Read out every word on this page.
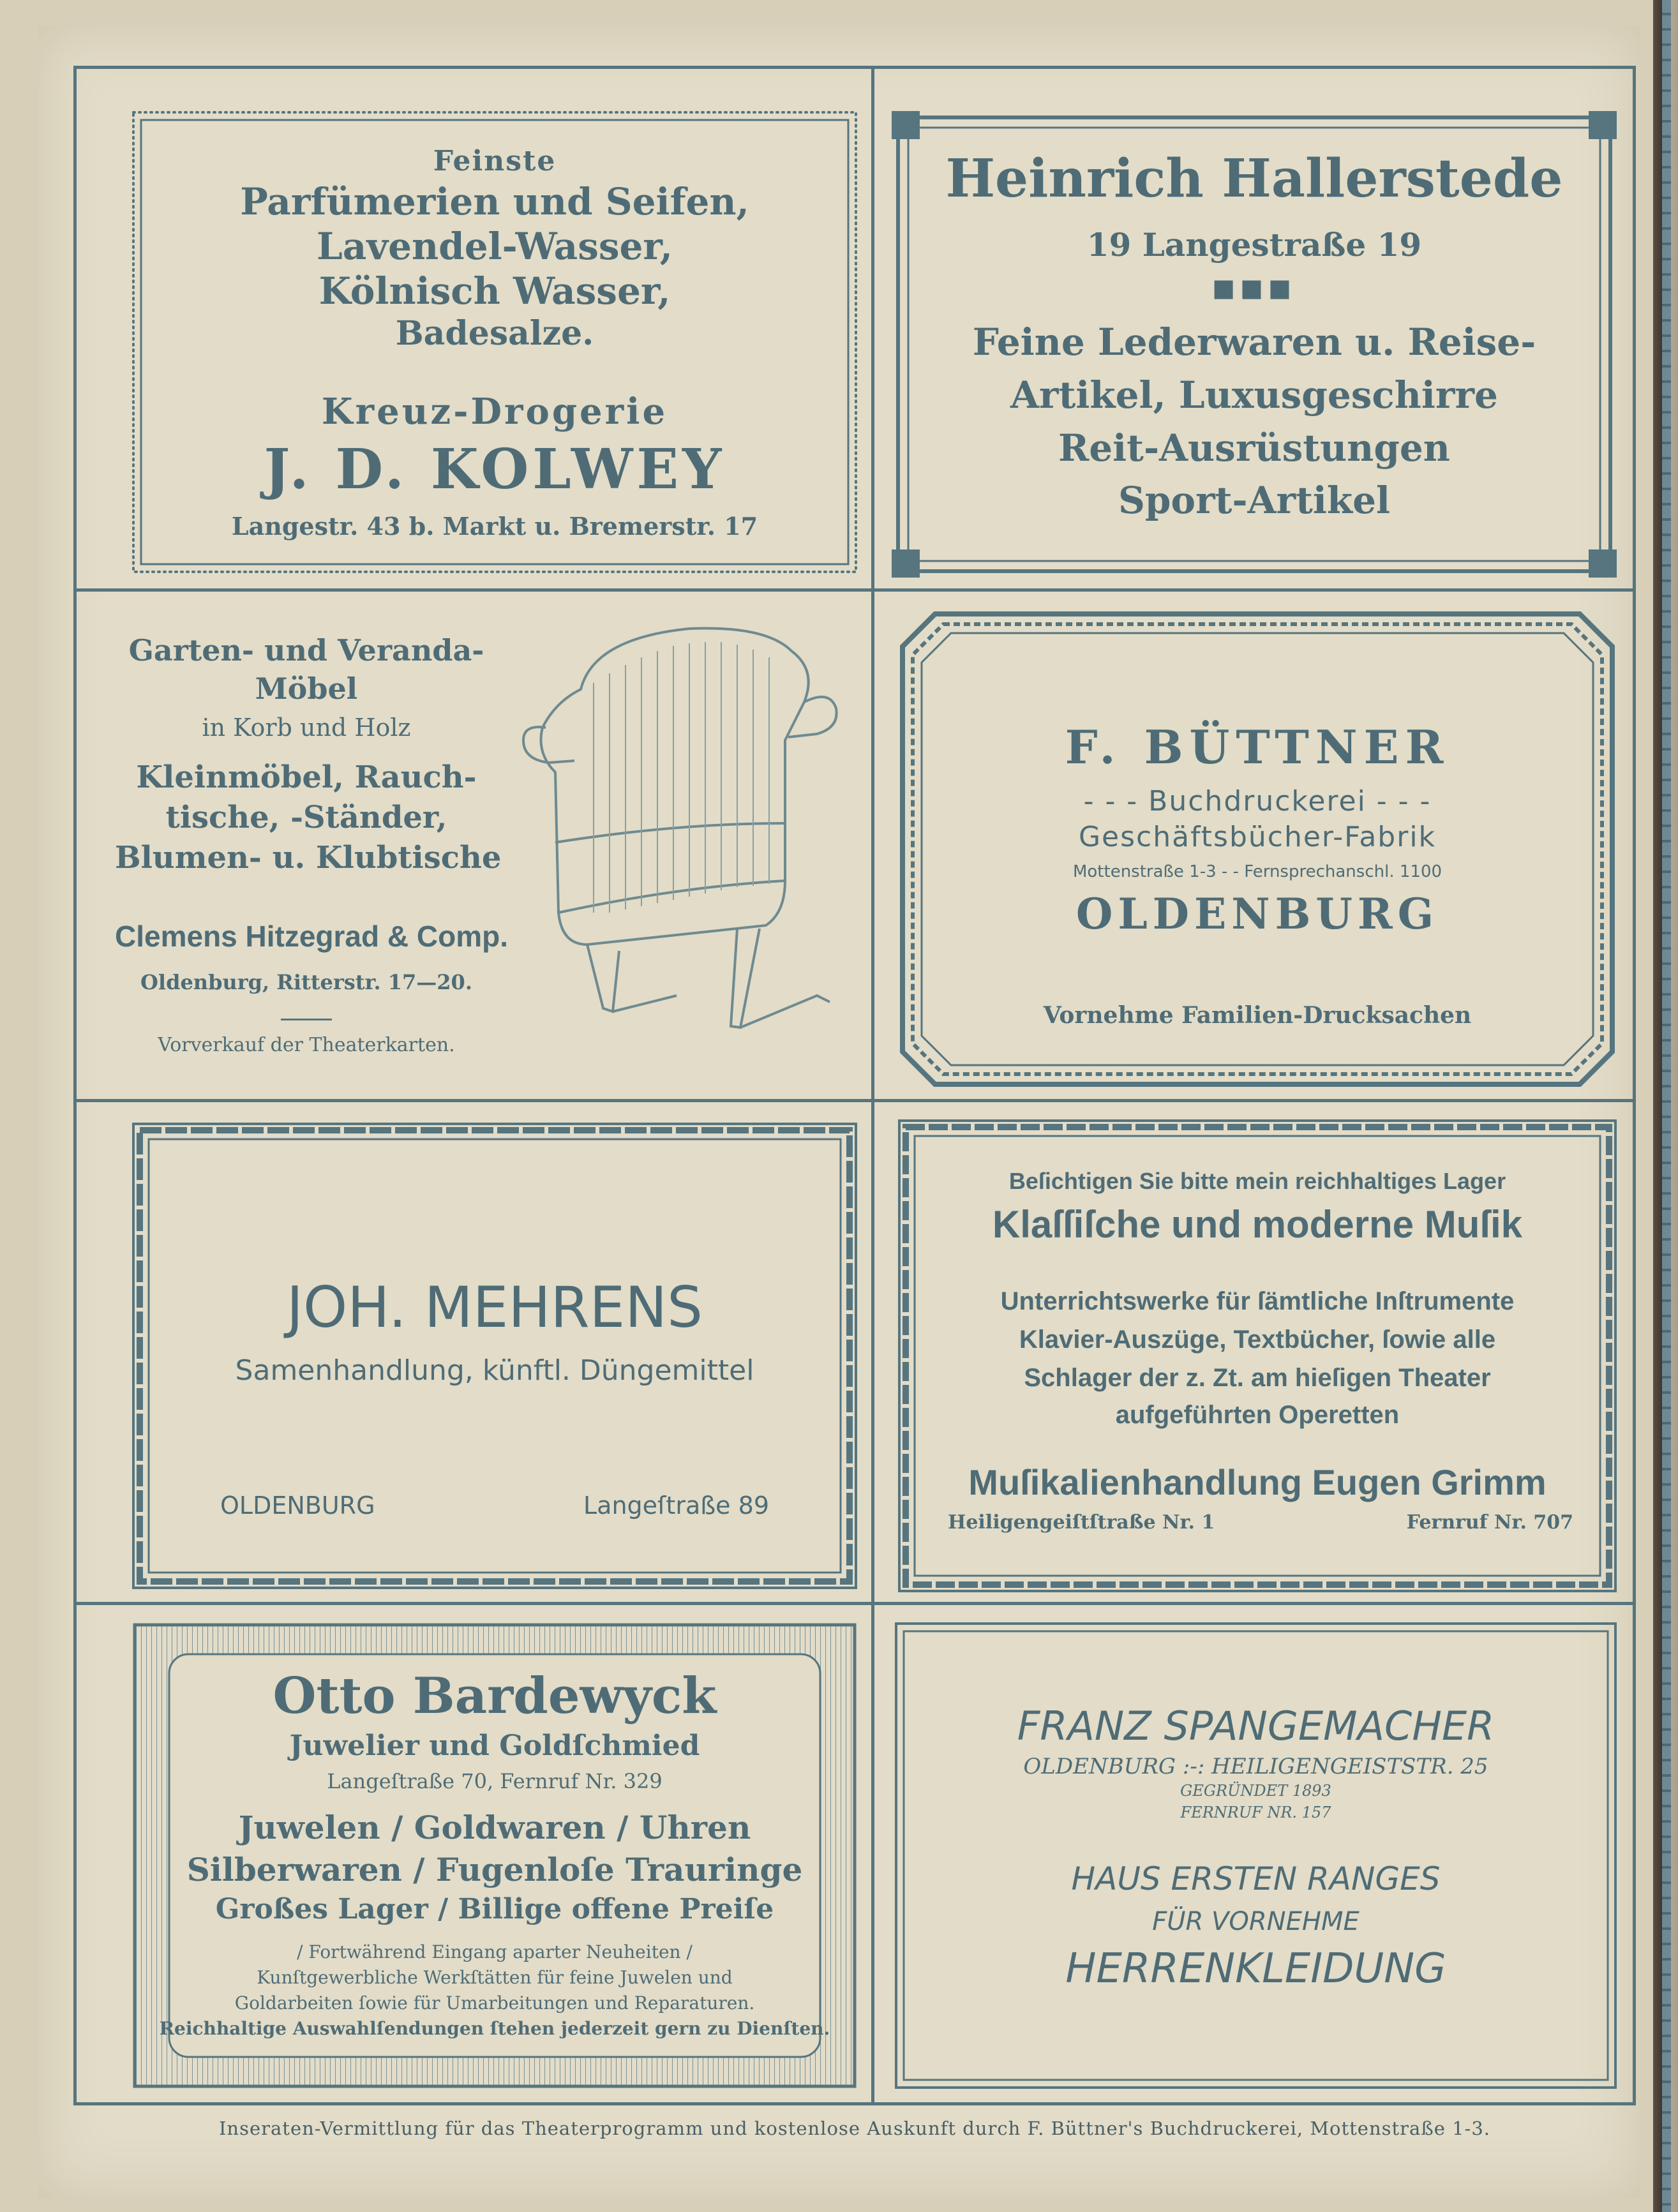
Feinste
Parfümerien und Seifen,
Lavendel-Wasser,
Kölnisch Wasser,
Badesalze.
Kreuz-Drogerie
J. D. KOLWEY
Langestr. 43 b. Markt u. Bremerstr. 17
Heinrich Hallerstede
19 Langestraße 19
■■■
Feine Lederwaren u. Reise-
Artikel, Luxusgeschirre
Reit-Ausrüstungen
Sport-Artikel
Garten- und Veranda-
Möbel
in Korb und Holz
Kleinmöbel, Rauch-
tische, -Ständer,
Blumen- u. Klubtische
Clemens Hitzegrad & Comp.
Oldenburg, Ritterstr. 17—20.
Vorverkauf der Theaterkarten.
F. BÜTTNER
- - - Buchdruckerei - - -
Geschäftsbücher-Fabrik
Mottenstraße 1-3 - - Fernsprechanschl. 1100
OLDENBURG
Vornehme Familien-Drucksachen
JOH. MEHRENS
Samenhandlung, künftl. Düngemittel
OLDENBURG	Langeſtraße 89
Beſichtigen Sie bitte mein reichhaltiges Lager
Klaſſiſche und moderne Muſik
Unterrichtswerke für ſämtliche Inſtrumente
Klavier-Auszüge, Textbücher, ſowie alle
Schlager der z. Zt. am hieſigen Theater
aufgeführten Operetten
Muſikalienhandlung Eugen Grimm
Heiligengeiſtſtraße Nr. 1	Fernruf Nr. 707
Otto Bardewyck
Juwelier und Goldſchmied
Langeſtraße 70, Fernruf Nr. 329
Juwelen / Goldwaren / Uhren
Silberwaren / Fugenloſe Trauringe
Großes Lager / Billige offene Preiſe
/ Fortwährend Eingang aparter Neuheiten /
Kunſtgewerbliche Werkſtätten für feine Juwelen und
Goldarbeiten ſowie für Umarbeitungen und Reparaturen.
Reichhaltige Auswahlſendungen ſtehen jederzeit gern zu Dienſten.
FRANZ SPANGEMACHER
OLDENBURG :-: HEILIGENGEISTSTR. 25
GEGRÜNDET 1893
FERNRUF NR. 157
HAUS ERSTEN RANGES
FÜR VORNEHME
HERRENKLEIDUNG
Inseraten-Vermittlung für das Theaterprogramm und kostenlose Auskunft durch F. Büttner's Buchdruckerei, Mottenstraße 1-3.
